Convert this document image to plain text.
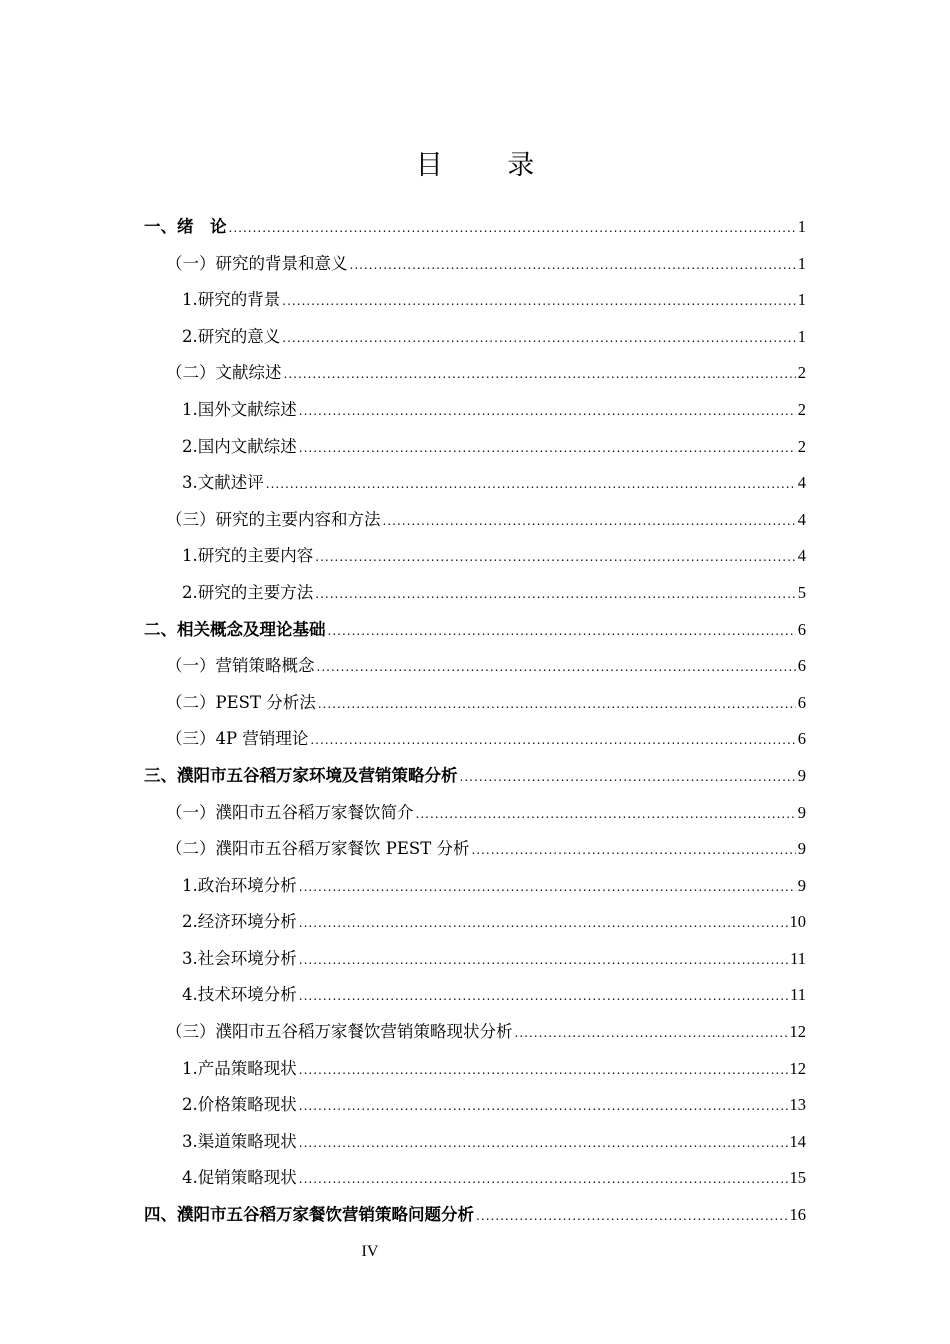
目 录
一、绪　论 .....	1
（一）研究的背景和意义 .....	1
1.研究的背景 .....	1
2.研究的意义 .....	1
（二）文献综述 .....	2
1.国外文献综述 .....	2
2.国内文献综述 .....	2
3.文献述评 .....	4
（三）研究的主要内容和方法 .....	4
1.研究的主要内容 .....	4
2.研究的主要方法 .....	5
二、相关概念及理论基础 .....	6
（一）营销策略概念 .....	6
（二）PEST 分析法 .....	6
（三）4P 营销理论 .....	6
三、濮阳市五谷稻万家环境及营销策略分析 .....	9
（一）濮阳市五谷稻万家餐饮简介 .....	9
（二）濮阳市五谷稻万家餐饮 PEST 分析 .....	9
1.政治环境分析 .....	9
2.经济环境分析 .....	10
3.社会环境分析 .....	11
4.技术环境分析 .....	11
（三）濮阳市五谷稻万家餐饮营销策略现状分析 .....	12
1.产品策略现状 .....	12
2.价格策略现状 .....	13
3.渠道策略现状 .....	14
4.促销策略现状 .....	15
四、濮阳市五谷稻万家餐饮营销策略问题分析 .....	16
IV
